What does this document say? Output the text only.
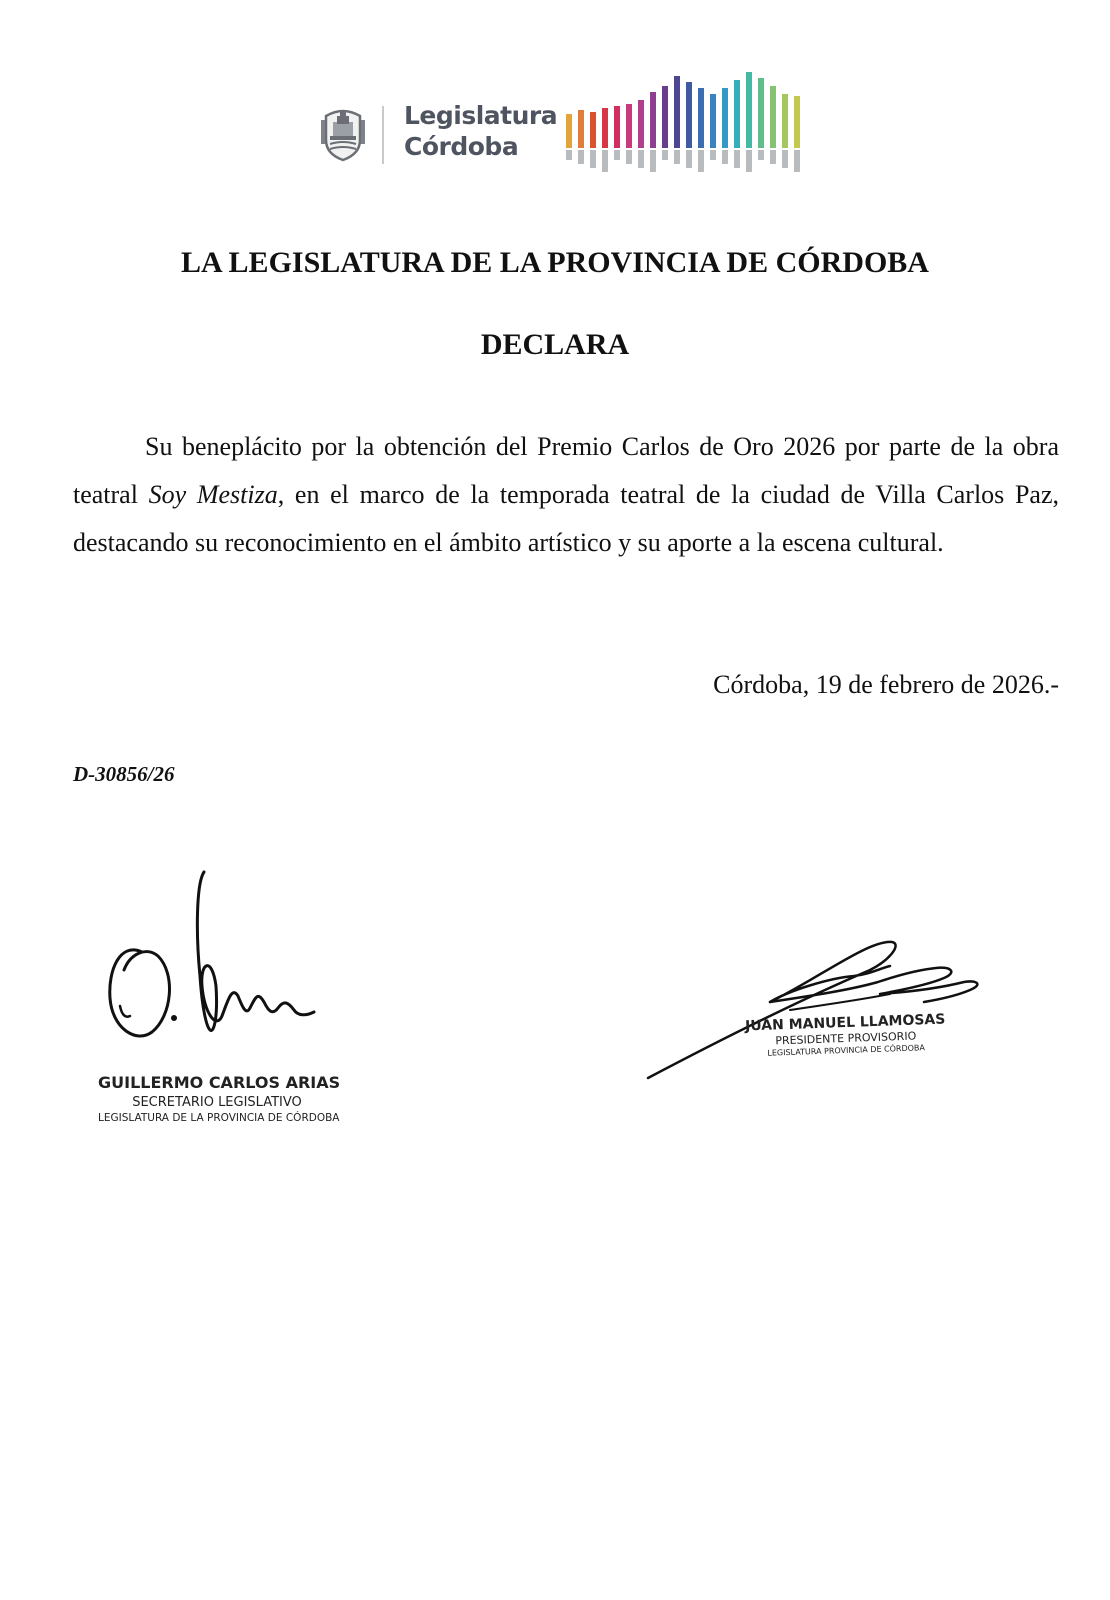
Legislatura
Córdoba
LA LEGISLATURA DE LA PROVINCIA DE CÓRDOBA
DECLARA

Su beneplácito por la obtención del Premio Carlos de Oro 2026 por parte de la obra teatral Soy Mestiza, en el marco de la temporada teatral de la ciudad de Villa Carlos Paz, destacando su reconocimiento en el ámbito artístico y su aporte a la escena cultural.

Córdoba, 19 de febrero de 2026.-

D-30856/26

GUILLERMO CARLOS ARIAS
SECRETARIO LEGISLATIVO
LEGISLATURA DE LA PROVINCIA DE CÓRDOBA
JUAN MANUEL LLAMOSAS
PRESIDENTE PROVISORIO
LEGISLATURA PROVINCIA DE CÓRDOBA
